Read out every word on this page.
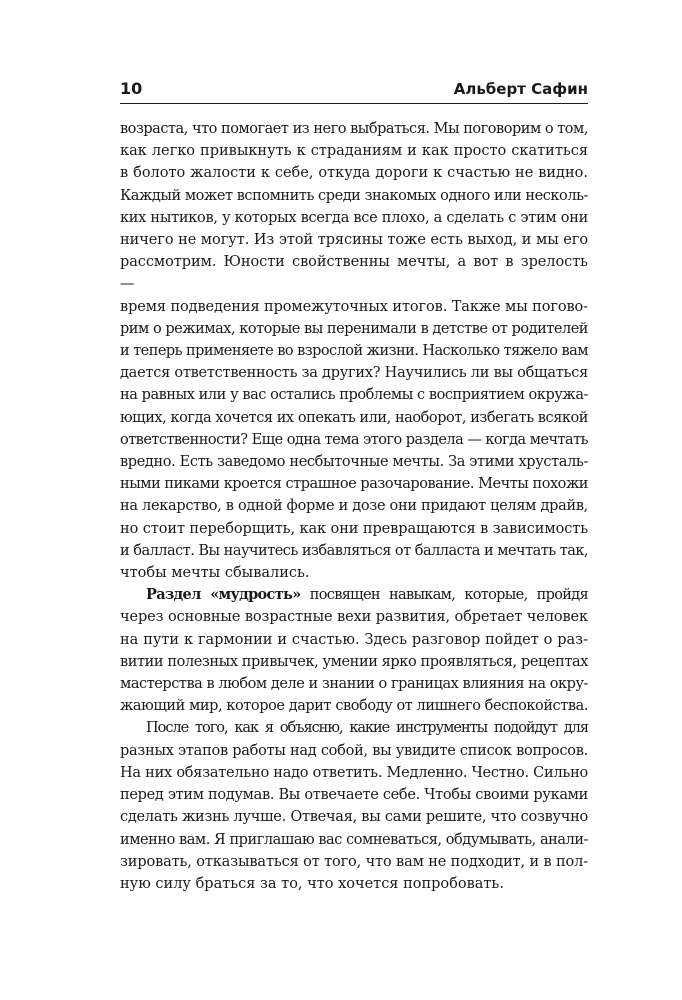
10	Альберт Сафин

возраста, что помогает из него выбраться. Мы поговорим о том,
как легко привыкнуть к страданиям и как просто скатиться
в болото жалости к себе, откуда дороги к счастью не видно.
Каждый может вспомнить среди знакомых одного или несколь-
ких нытиков, у которых всегда все плохо, а сделать с этим они
ничего не могут. Из этой трясины тоже есть выход, и мы его
рассмотрим. Юности свойственны мечты, а вот в зрелость —
время подведения промежуточных итогов. Также мы погово-
рим о режимах, которые вы перенимали в детстве от родителей
и теперь применяете во взрослой жизни. Насколько тяжело вам
дается ответственность за других? Научились ли вы общаться
на равных или у вас остались проблемы с восприятием окружа-
ющих, когда хочется их опекать или, наоборот, избегать всякой
ответственности? Еще одна тема этого раздела — когда мечтать
вредно. Есть заведомо несбыточные мечты. За этими хрусталь-
ными пиками кроется страшное разочарование. Мечты похожи
на лекарство, в одной форме и дозе они придают целям драйв,
но стоит переборщить, как они превращаются в зависимость
и балласт. Вы научитесь избавляться от балласта и мечтать так,
чтобы мечты сбывались.

Раздел «мудрость» посвящен навыкам, которые, пройдя
через основные возрастные вехи развития, обретает человек
на пути к гармонии и счастью. Здесь разговор пойдет о раз-
витии полезных привычек, умении ярко проявляться, рецептах
мастерства в любом деле и знании о границах влияния на окру-
жающий мир, которое дарит свободу от лишнего беспокойства.

После того, как я объясню, какие инструменты подойдут для
разных этапов работы над собой, вы увидите список вопросов.
На них обязательно надо ответить. Медленно. Честно. Сильно
перед этим подумав. Вы отвечаете себе. Чтобы своими руками
сделать жизнь лучше. Отвечая, вы сами решите, что созвучно
именно вам. Я приглашаю вас сомневаться, обдумывать, анали-
зировать, отказываться от того, что вам не подходит, и в пол-
ную силу браться за то, что хочется попробовать.
